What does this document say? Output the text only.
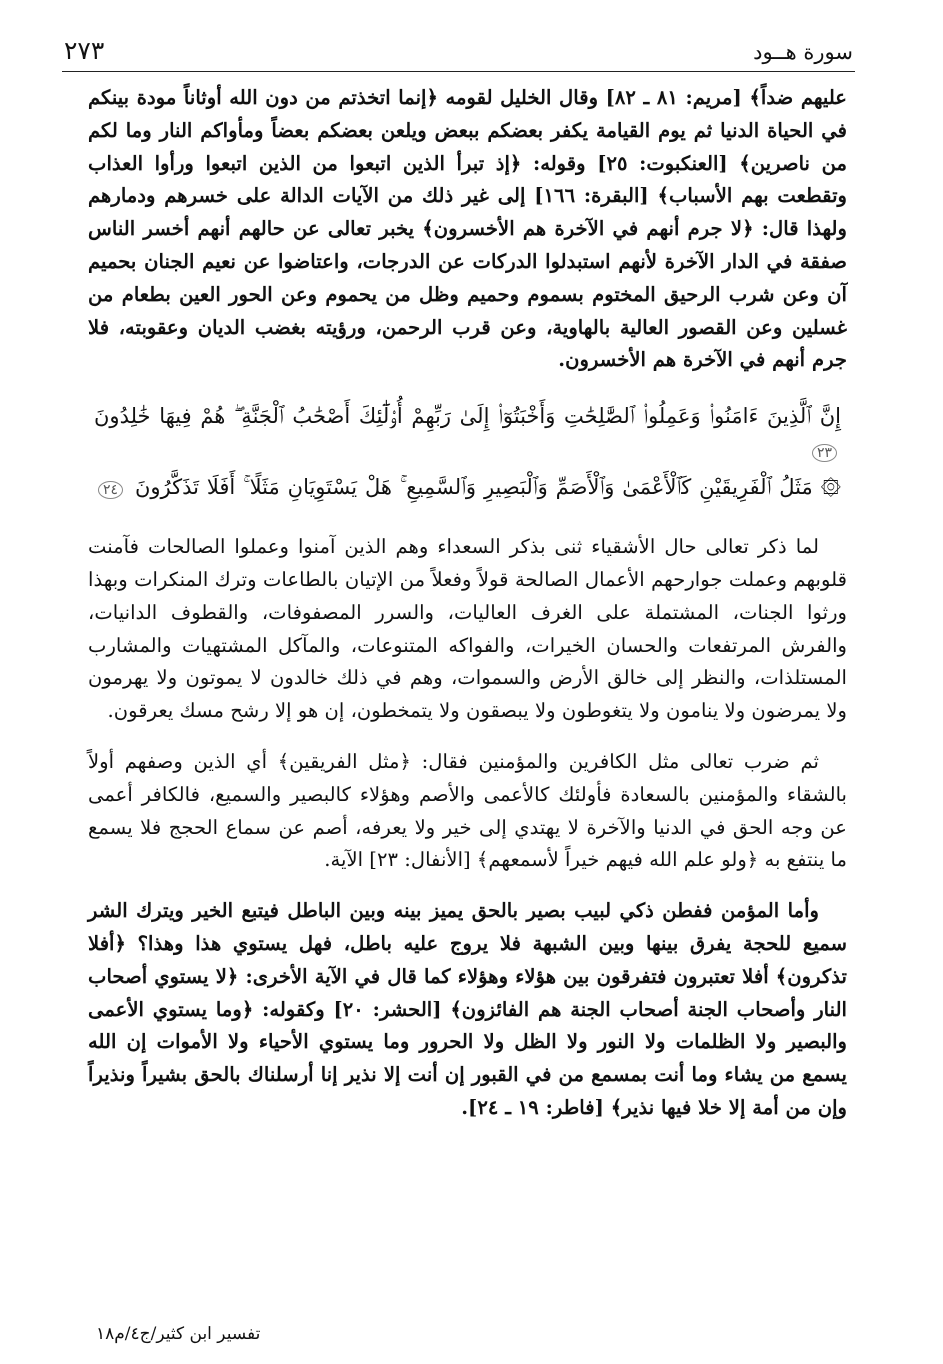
٢٧٣	سورة هــود

عليهم ضداً﴾ [مريم: ٨١ ـ ٨٢] وقال الخليل لقومه ﴿إنما اتخذتم من دون الله أوثاناً مودة بينكم في الحياة الدنيا ثم يوم القيامة يكفر بعضكم ببعض ويلعن بعضكم بعضاً ومأواكم النار وما لكم من ناصرين﴾ [العنكبوت: ٢٥] وقوله: ﴿إذ تبرأ الذين اتبعوا من الذين اتبعوا ورأوا العذاب وتقطعت بهم الأسباب﴾ [البقرة: ١٦٦] إلى غير ذلك من الآيات الدالة على خسرهم ودمارهم ولهذا قال: ﴿لا جرم أنهم في الآخرة هم الأخسرون﴾ يخبر تعالى عن حالهم أنهم أخسر الناس صفقة في الدار الآخرة لأنهم استبدلوا الدركات عن الدرجات، واعتاضوا عن نعيم الجنان بحميم آن وعن شرب الرحيق المختوم بسموم وحميم وظل من يحموم وعن الحور العين بطعام من غسلين وعن القصور العالية بالهاوية، وعن قرب الرحمن، ورؤيته بغضب الديان وعقوبته، فلا جرم أنهم في الآخرة هم الأخسرون.

إِنَّ ٱلَّذِينَ ءَامَنُوا۟ وَعَمِلُوا۟ ٱلصَّٰلِحَٰتِ وَأَخْبَتُوٓا۟ إِلَىٰ رَبِّهِمْ أُو۟لَٰٓئِكَ أَصْحَٰبُ ٱلْجَنَّةِ ۖ هُمْ فِيهَا خَٰلِدُونَ ٢٣
۞ مَثَلُ ٱلْفَرِيقَيْنِ كَٱلْأَعْمَىٰ وَٱلْأَصَمِّ وَٱلْبَصِيرِ وَٱلسَّمِيعِ ۚ هَلْ يَسْتَوِيَانِ مَثَلًا ۚ أَفَلَا تَذَكَّرُونَ ٢٤

لما ذكر تعالى حال الأشقياء ثنى بذكر السعداء وهم الذين آمنوا وعملوا الصالحات فآمنت قلوبهم وعملت جوارحهم الأعمال الصالحة قولاً وفعلاً من الإتيان بالطاعات وترك المنكرات وبهذا ورثوا الجنات، المشتملة على الغرف العاليات، والسرر المصفوفات، والقطوف الدانيات، والفرش المرتفعات والحسان الخيرات، والفواكه المتنوعات، والمآكل المشتهيات والمشارب المستلذات، والنظر إلى خالق الأرض والسموات، وهم في ذلك خالدون لا يموتون ولا يهرمون ولا يمرضون ولا ينامون ولا يتغوطون ولا يبصقون ولا يتمخطون، إن هو إلا رشح مسك يعرقون.

ثم ضرب تعالى مثل الكافرين والمؤمنين فقال: ﴿مثل الفريقين﴾ أي الذين وصفهم أولاً بالشقاء والمؤمنين بالسعادة فأولئك كالأعمى والأصم وهؤلاء كالبصير والسميع، فالكافر أعمى عن وجه الحق في الدنيا والآخرة لا يهتدي إلى خير ولا يعرفه، أصم عن سماع الحجج فلا يسمع ما ينتفع به ﴿ولو علم الله فيهم خيراً لأسمعهم﴾ [الأنفال: ٢٣] الآية.

وأما المؤمن ففطن ذكي لبيب بصير بالحق يميز بينه وبين الباطل فيتبع الخير ويترك الشر سميع للحجة يفرق بينها وبين الشبهة فلا يروج عليه باطل، فهل يستوي هذا وهذا؟ ﴿أفلا تذكرون﴾ أفلا تعتبرون فتفرقون بين هؤلاء وهؤلاء كما قال في الآية الأخرى: ﴿لا يستوي أصحاب النار وأصحاب الجنة أصحاب الجنة هم الفائزون﴾ [الحشر: ٢٠] وكقوله: ﴿وما يستوي الأعمى والبصير ولا الظلمات ولا النور ولا الظل ولا الحرور وما يستوي الأحياء ولا الأموات إن الله يسمع من يشاء وما أنت بمسمع من في القبور إن أنت إلا نذير إنا أرسلناك بالحق بشيراً ونذيراً وإن من أمة إلا خلا فيها نذير﴾ [فاطر: ١٩ ـ ٢٤].

تفسير ابن كثير/ج٤/م١٨
